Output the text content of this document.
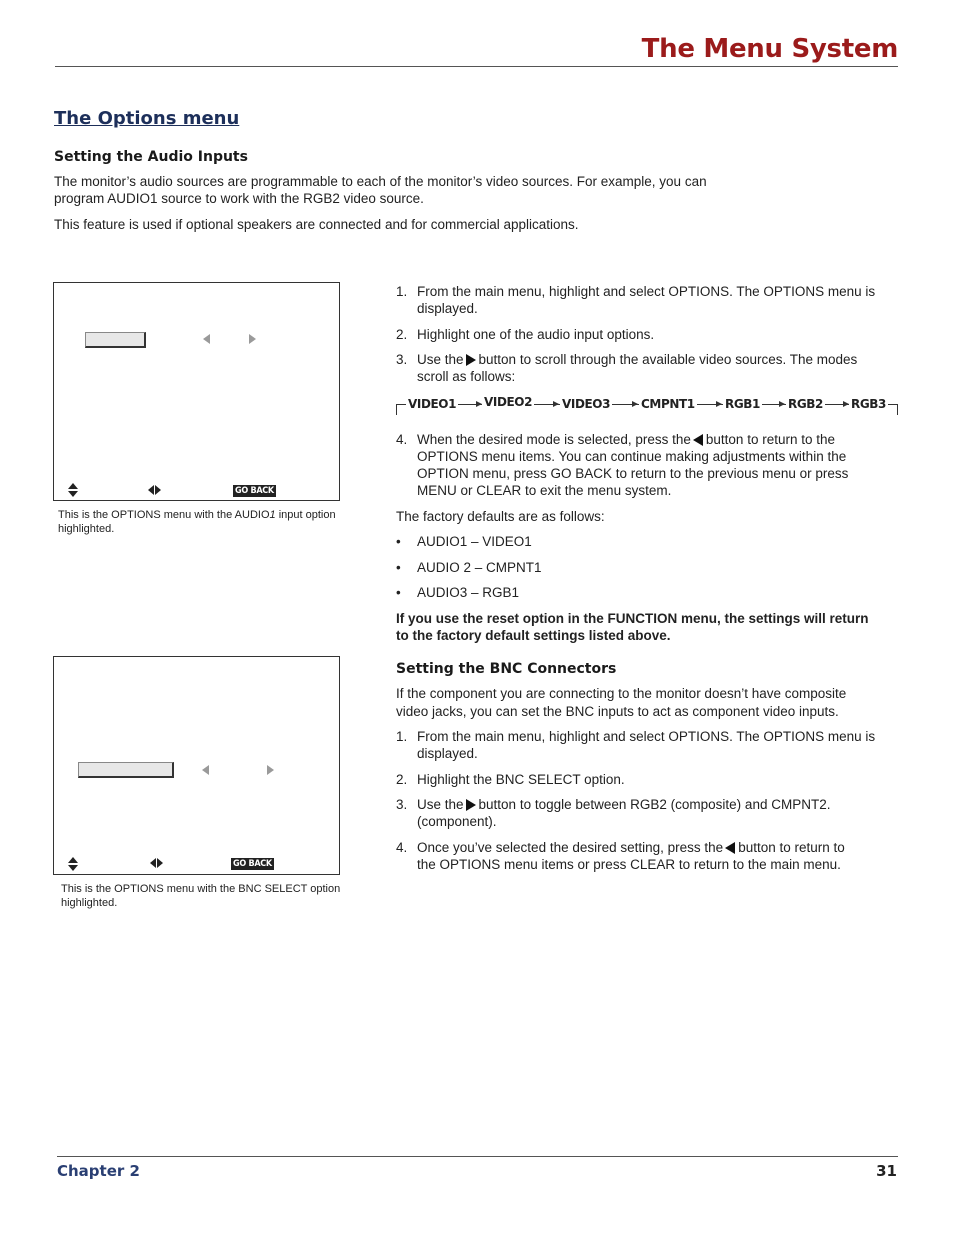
The Menu System
The Options menu
Setting the Audio Inputs
The monitor’s audio sources are programmable to each of the monitor’s video sources. For example, you can
program AUDIO1 source to work with the RGB2 video source.
This feature is used if optional speakers are connected and for commercial applications.
GO BACK
This is the OPTIONS menu with the AUDIO1 input option
highlighted.
GO BACK
This is the OPTIONS menu with the BNC SELECT option
highlighted.
1. From the main menu, highlight and select OPTIONS. The OPTIONS menu is
displayed.
2. Highlight one of the audio input options.
3. Use the button to scroll through the available video sources. The modes
scroll as follows:
VIDEO1 VIDEO2 VIDEO3	CMPNT1	RGB1 RGB2 RGB3
4. When the desired mode is selected, press the button to return to the
OPTIONS menu items. You can continue making adjustments within the
OPTION menu, press GO BACK to return to the previous menu or press
MENU or CLEAR to exit the menu system.
The factory defaults are as follows:
•	AUDIO1 – VIDEO1
•	AUDIO 2 – CMPNT1
•	AUDIO3 – RGB1
If you use the reset option in the FUNCTION menu, the settings will return
to the factory default settings listed above.
Setting the BNC Connectors
If the component you are connecting to the monitor doesn’t have composite
video jacks, you can set the BNC inputs to act as component video inputs.
1. From the main menu, highlight and select OPTIONS. The OPTIONS menu is
displayed.
2. Highlight the BNC SELECT option.
3. Use the button to toggle between RGB2 (composite) and CMPNT2.
(component).
4. Once you’ve selected the desired setting, press the button to return to
the OPTIONS menu items or press CLEAR to return to the main menu.
Chapter 2	31
